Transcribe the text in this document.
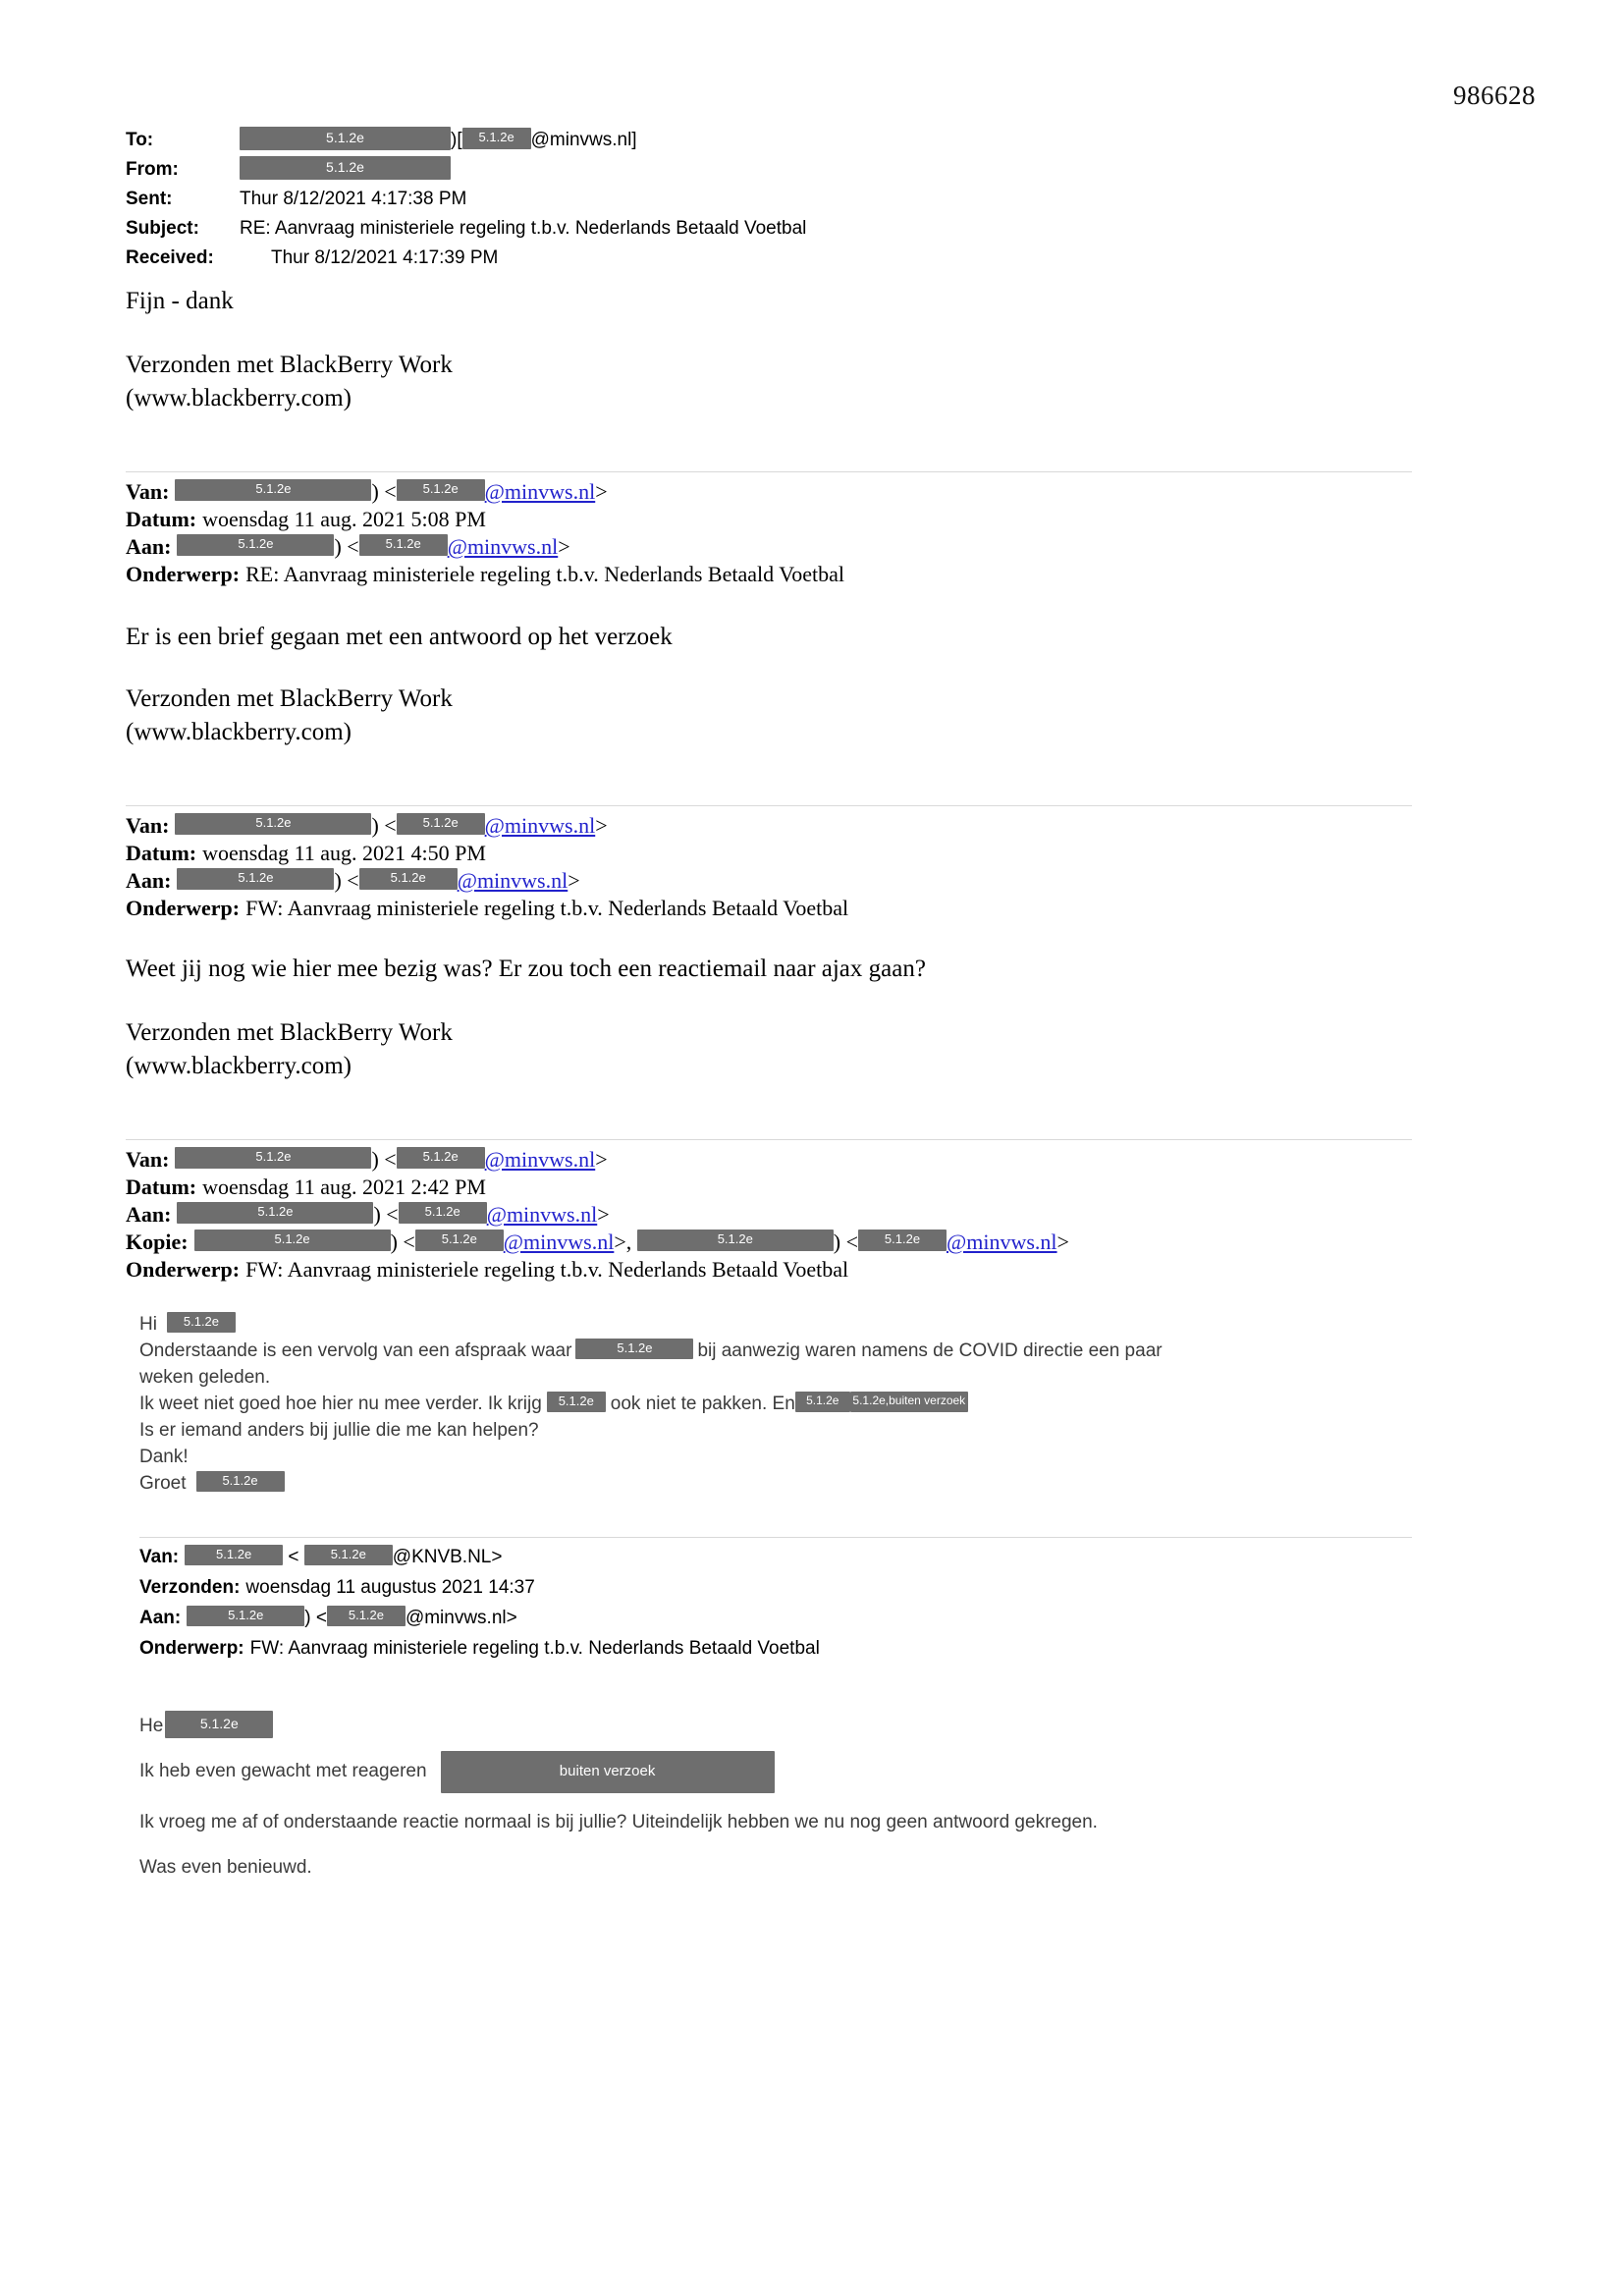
986628
To:	5.1.2e	)[ 5.1.2e @minvws.nl]
From:	5.1.2e
Sent:	Thur 8/12/2021 4:17:38 PM
Subject:	RE: Aanvraag ministeriele regeling t.b.v. Nederlands Betaald Voetbal
Received:	Thur 8/12/2021 4:17:39 PM
Fijn - dank
Verzonden met BlackBerry Work
(www.blackberry.com)
Van:	5.1.2e	) <	5.1.2e	@minvws.nl >
Datum: woensdag 11 aug. 2021 5:08 PM
Aan:	5.1.2e	) <	5.1.2e	@minvws.nl >
Onderwerp: RE: Aanvraag ministeriele regeling t.b.v. Nederlands Betaald Voetbal
Er is een brief gegaan met een antwoord op het verzoek
Verzonden met BlackBerry Work
(www.blackberry.com)
Van:	5.1.2e	) <	5.1.2e	@minvws.nl >
Datum: woensdag 11 aug. 2021 4:50 PM
Aan:	5.1.2e	) <	5.1.2e	@minvws.nl >
Onderwerp: FW: Aanvraag ministeriele regeling t.b.v. Nederlands Betaald Voetbal
Weet jij nog wie hier mee bezig was? Er zou toch een reactiemail naar ajax gaan?
Verzonden met BlackBerry Work
(www.blackberry.com)
Van:	5.1.2e	) <	5.1.2e	@minvws.nl >
Datum: woensdag 11 aug. 2021 2:42 PM
Aan:	5.1.2e	) <	5.1.2e	@minvws.nl >
Kopie:	5.1.2e	) <	5.1.2e	@minvws.nl >,	5.1.2e	) <	5.1.2e	@minvws.nl >
Onderwerp: FW: Aanvraag ministeriele regeling t.b.v. Nederlands Betaald Voetbal
Hi	5.1.2e
Onderstaande is een vervolg van een afspraak waar	5.1.2e	bij aanwezig waren namens de COVID directie een paar
weken geleden.
Ik weet niet goed hoe hier nu mee verder. Ik krijg	5.1.2e ook niet te pakken. En 5.1.2e	5.1.2e,buiten verzoek
Is er iemand anders bij jullie die me kan helpen?
Dank!
Groet	5.1.2e
Van:	5.1.2e	<	5.1.2e	@KNVB.NL>
Verzonden: woensdag 11 augustus 2021 14:37
Aan:	5.1.2e	) <	5.1.2e	@minvws.nl>
Onderwerp: FW: Aanvraag ministeriele regeling t.b.v. Nederlands Betaald Voetbal
He	5.1.2e
Ik heb even gewacht met reageren	buiten verzoek
Ik vroeg me af of onderstaande reactie normaal is bij jullie? Uiteindelijk hebben we nu nog geen antwoord gekregen.
Was even benieuwd.
